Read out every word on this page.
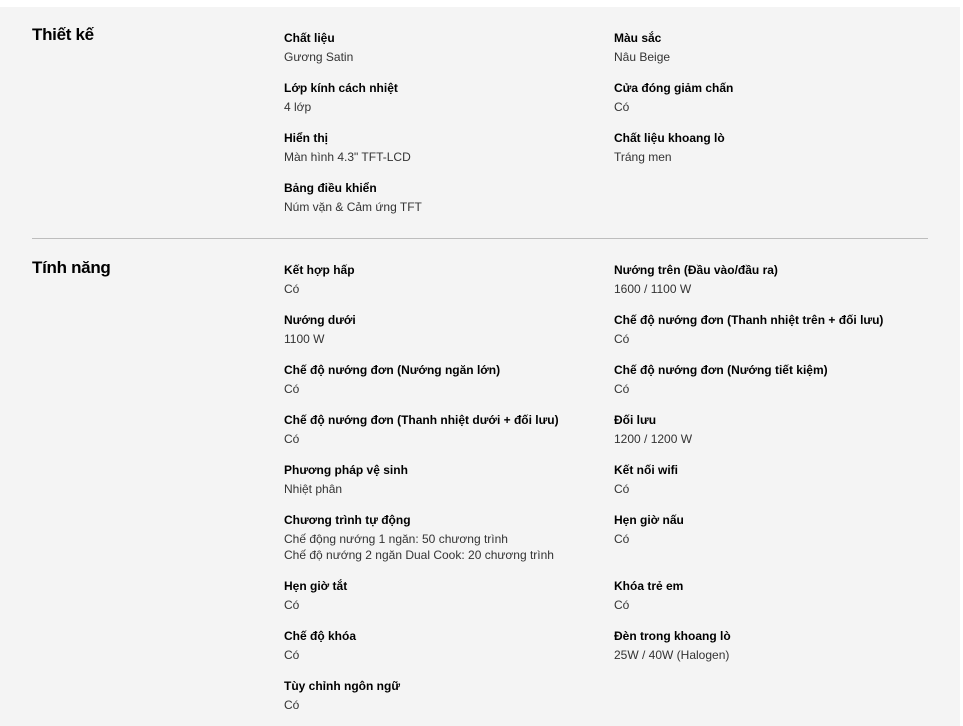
Thiết kế	Chất liệu
Gương Satin
Màu sắc
Nâu Beige
Lớp kính cách nhiệt
4 lớp
Cửa đóng giảm chấn
Có
Hiển thị
Màn hình 4.3" TFT-LCD
Chất liệu khoang lò
Tráng men
Bảng điều khiển
Núm vặn & Cảm ứng TFT
Tính năng	Kết hợp hấp
Có
Nướng trên (Đầu vào/đầu ra)
1600 / 1100 W
Nướng dưới
1100 W
Chế độ nướng đơn (Thanh nhiệt trên + đối lưu)
Có
Chế độ nướng đơn (Nướng ngăn lớn)
Có
Chế độ nướng đơn (Nướng tiết kiệm)
Có
Chế độ nướng đơn (Thanh nhiệt dưới + đối lưu)
Có
Đối lưu
1200 / 1200 W
Phương pháp vệ sinh
Nhiệt phân
Kết nối wifi
Có
Chương trình tự động
Chế động nướng 1 ngăn: 50 chương trình
Chế độ nướng 2 ngăn Dual Cook: 20 chương trình
Hẹn giờ nấu
Có
Hẹn giờ tắt
Có
Khóa trẻ em
Có
Chế độ khóa
Có
Đèn trong khoang lò
25W / 40W (Halogen)
Tùy chỉnh ngôn ngữ
Có
